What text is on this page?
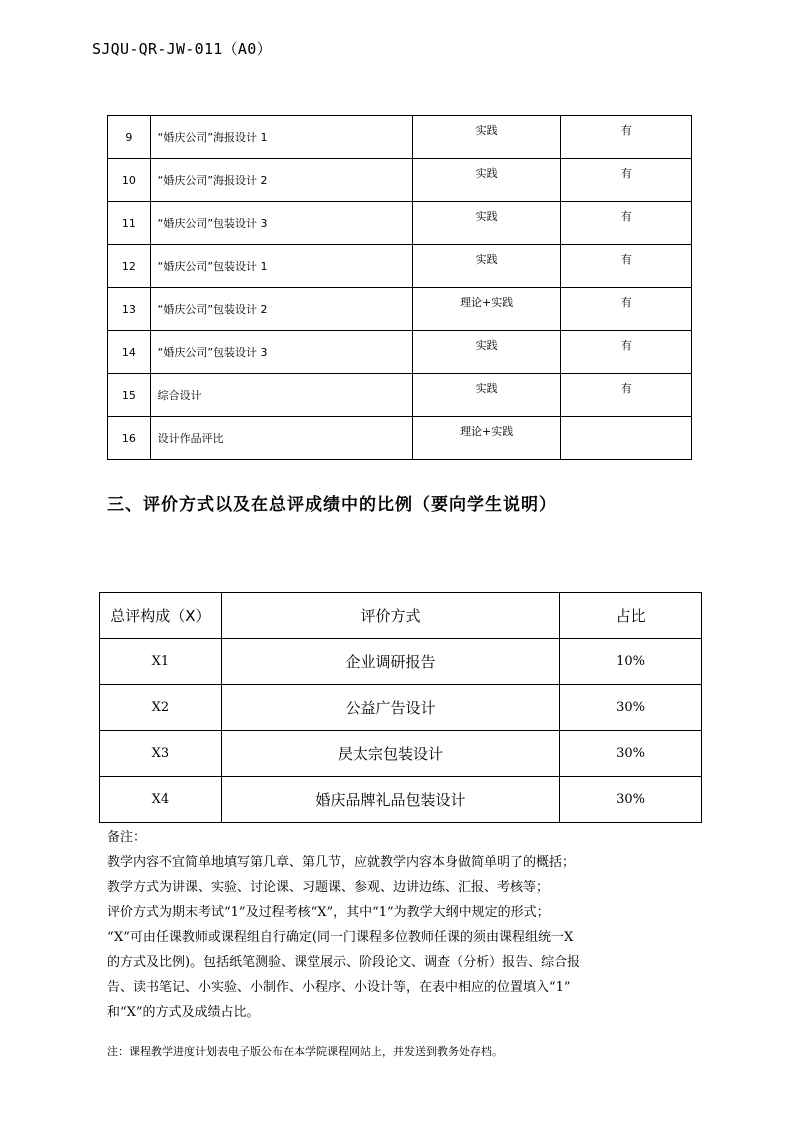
SJQU-QR-JW-011（A0）
9	“婚庆公司”海报设计 1	实践	有
10	“婚庆公司”海报设计 2	实践	有
11	“婚庆公司”包装设计 3	实践	有
12	“婚庆公司”包装设计 1	实践	有
13	“婚庆公司”包装设计 2	理论+实践	有
14	“婚庆公司”包装设计 3	实践	有
15	综合设计	实践	有
16	设计作品评比	理论+实践	
三、评价方式以及在总评成绩中的比例（要向学生说明）
总评构成（X）	评价方式	占比
X1	企业调研报告	10%
X2	公益广告设计	30%
X3	昃太宗包装设计	30%
X4	婚庆品牌礼品包装设计	30%

备注：

教学内容不宜简单地填写第几章、第几节，应就教学内容本身做简单明了的概括；

教学方式为讲课、实验、讨论课、习题课、参观、边讲边练、汇报、考核等；

评价方式为期末考试“1”及过程考核“X”，其中“1”为教学大纲中规定的形式；

“X”可由任课教师或课程组自行确定(同一门课程多位教师任课的须由课程组统一X

的方式及比例)。包括纸笔测验、课堂展示、阶段论文、调查（分析）报告、综合报

告、读书笔记、小实验、小制作、小程序、小设计等，在表中相应的位置填入“1”

和“X”的方式及成绩占比。

注：课程教学进度计划表电子版公布在本学院课程网站上，并发送到教务处存档。
